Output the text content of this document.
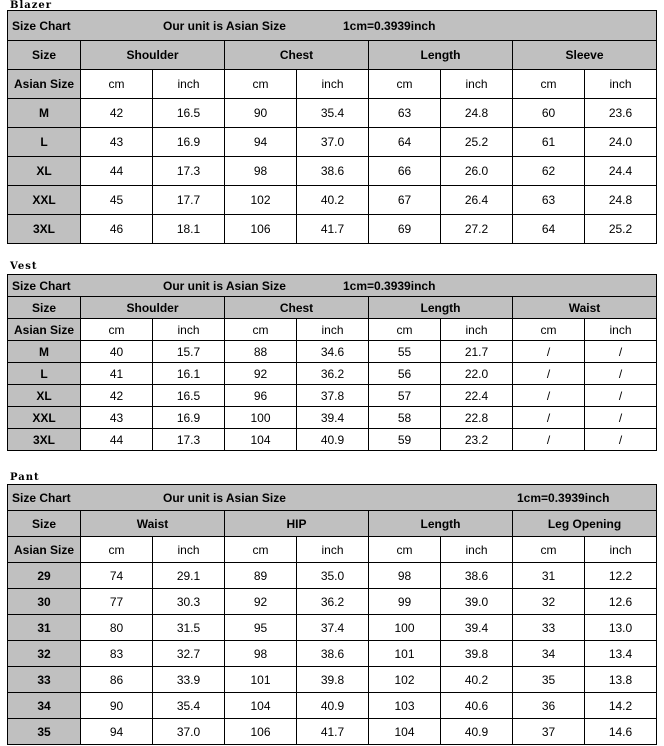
Blazer
Size Chart Our unit is Asian Size 1cm=0.3939inch								

Size	Shoulder		Chest		Length		Sleeve	
Asian Size	cm	inch	cm	inch	cm	inch	cm	inch
M	42	16.5	90	35.4	63	24.8	60	23.6
L	43	16.9	94	37.0	64	25.2	61	24.0
XL	44	17.3	98	38.6	66	26.0	62	24.4
XXL	45	17.7	102	40.2	67	26.4	63	24.8
3XL	46	18.1	106	41.7	69	27.2	64	25.2
Vest
Size Chart Our unit is Asian Size 1cm=0.3939inch								

Size	Shoulder		Chest		Length		Waist	
Asian Size	cm	inch	cm	inch	cm	inch	cm	inch
M	40	15.7	88	34.6	55	21.7	/	/
L	41	16.1	92	36.2	56	22.0	/	/
XL	42	16.5	96	37.8	57	22.4	/	/
XXL	43	16.9	100	39.4	58	22.8	/	/
3XL	44	17.3	104	40.9	59	23.2	/	/
Pant
Size Chart Our unit is Asian Size 1cm=0.3939inch								

Size	Waist		HIP		Length		Leg Opening	
Asian Size	cm	inch	cm	inch	cm	inch	cm	inch
29	74	29.1	89	35.0	98	38.6	31	12.2
30	77	30.3	92	36.2	99	39.0	32	12.6
31	80	31.5	95	37.4	100	39.4	33	13.0
32	83	32.7	98	38.6	101	39.8	34	13.4
33	86	33.9	101	39.8	102	40.2	35	13.8
34	90	35.4	104	40.9	103	40.6	36	14.2
35	94	37.0	106	41.7	104	40.9	37	14.6
